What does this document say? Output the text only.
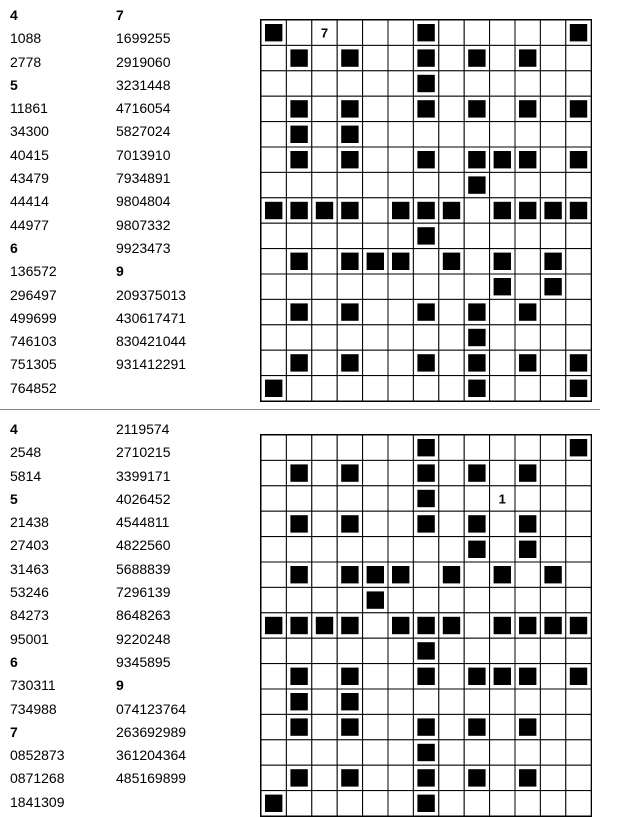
4
1088
2778
5
11861
34300
40415
43479
44414
44977
6
136572
296497
499699
746103
751305
764852
7
1699255
2919060
3231448
4716054
5827024
7013910
7934891
9804804
9807332
9923473
9
209375013
430617471
830421044
931412291
7
4
2548
5814
5
21438
27403
31463
53246
84273
95001
6
730311
734988
7
0852873
0871268
1841309
2119574
2710215
3399171
4026452
4544811
4822560
5688839
7296139
8648263
9220248
9345895
9
074123764
263692989
361204364
485169899
1
